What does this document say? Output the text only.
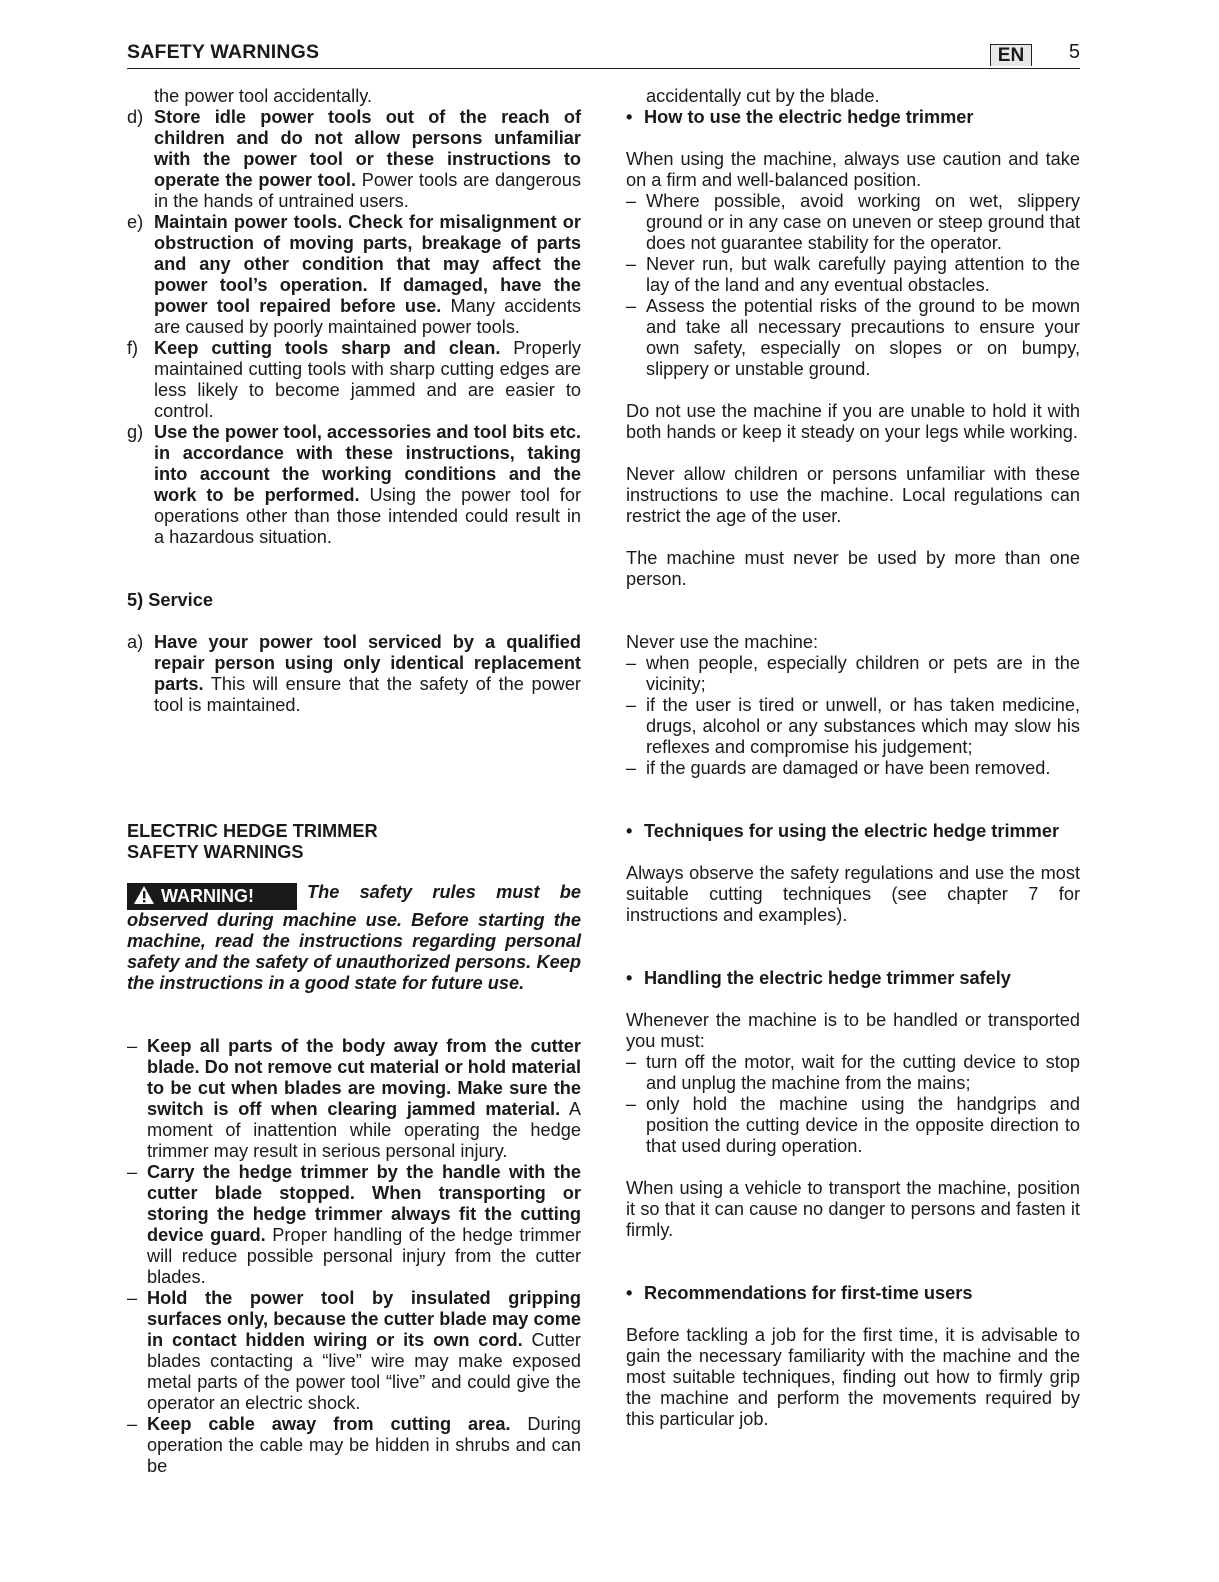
SAFETY WARNINGS	EN	5

the power tool accidentally.

d) Store idle power tools out of the reach of children and do not allow persons unfamiliar with the power tool or these instructions to operate the power tool. Power tools are dangerous in the hands of untrained users.
e) Maintain power tools. Check for misalignment or obstruction of moving parts, breakage of parts and any other condition that may affect the power tool’s operation. If damaged, have the power tool repaired before use. Many accidents are caused by poorly maintained power tools.
f) Keep cutting tools sharp and clean. Properly maintained cutting tools with sharp cutting edges are less likely to become jammed and are easier to control.
g) Use the power tool, accessories and tool bits etc. in accordance with these instructions, taking into account the working conditions and the work to be performed. Using the power tool for operations other than those intended could result in a hazardous situation.

5) Service

a) Have your power tool serviced by a qualified repair person using only identical replacement parts. This will ensure that the safety of the power tool is maintained.

ELECTRIC HEDGE TRIMMER

SAFETY WARNINGS

WARNING!	The safety rules must be observed during machine use. Before starting the machine, read the instructions regarding personal safety and the safety of unauthorized persons. Keep the instructions in a good state for future use.

– Keep all parts of the body away from the cutter blade. Do not remove cut material or hold material to be cut when blades are moving. Make sure the switch is off when clearing jammed material. A moment of inattention while operating the hedge trimmer may result in serious personal injury.
– Carry the hedge trimmer by the handle with the cutter blade stopped. When transporting or storing the hedge trimmer always fit the cutting device guard. Proper handling of the hedge trimmer will reduce possible personal injury from the cutter blades.
– Hold the power tool by insulated gripping surfaces only, because the cutter blade may come in contact hidden wiring or its own cord. Cutter blades contacting a “live” wire may make exposed metal parts of the power tool “live” and could give the operator an electric shock.
– Keep cable away from cutting area. During operation the cable may be hidden in shrubs and can be

accidentally cut by the blade.

• How to use the electric hedge trimmer

When using the machine, always use caution and take on a firm and well-balanced position.

– Where possible, avoid working on wet, slippery ground or in any case on uneven or steep ground that does not guarantee stability for the operator.
– Never run, but walk carefully paying attention to the lay of the land and any eventual obstacles.
– Assess the potential risks of the ground to be mown and take all necessary precautions to ensure your own safety, especially on slopes or on bumpy, slippery or unstable ground.

Do not use the machine if you are unable to hold it with both hands or keep it steady on your legs while working.

Never allow children or persons unfamiliar with these instructions to use the machine. Local regulations can restrict the age of the user.

The machine must never be used by more than one person.

Never use the machine:

– when people, especially children or pets are in the vicinity;
– if the user is tired or unwell, or has taken medicine, drugs, alcohol or any substances which may slow his reflexes and compromise his judgement;
– if the guards are damaged or have been removed.
• Techniques for using the electric hedge trimmer

Always observe the safety regulations and use the most suitable cutting techniques (see chapter 7 for instructions and examples).

• Handling the electric hedge trimmer safely

Whenever the machine is to be handled or transported you must:

– turn off the motor, wait for the cutting device to stop and unplug the machine from the mains;
– only hold the machine using the handgrips and position the cutting device in the opposite direction to that used during operation.

When using a vehicle to transport the machine, position it so that it can cause no danger to persons and fasten it firmly.

• Recommendations for first-time users

Before tackling a job for the first time, it is advisable to gain the necessary familiarity with the machine and the most suitable techniques, finding out how to firmly grip the machine and perform the movements required by this particular job.
